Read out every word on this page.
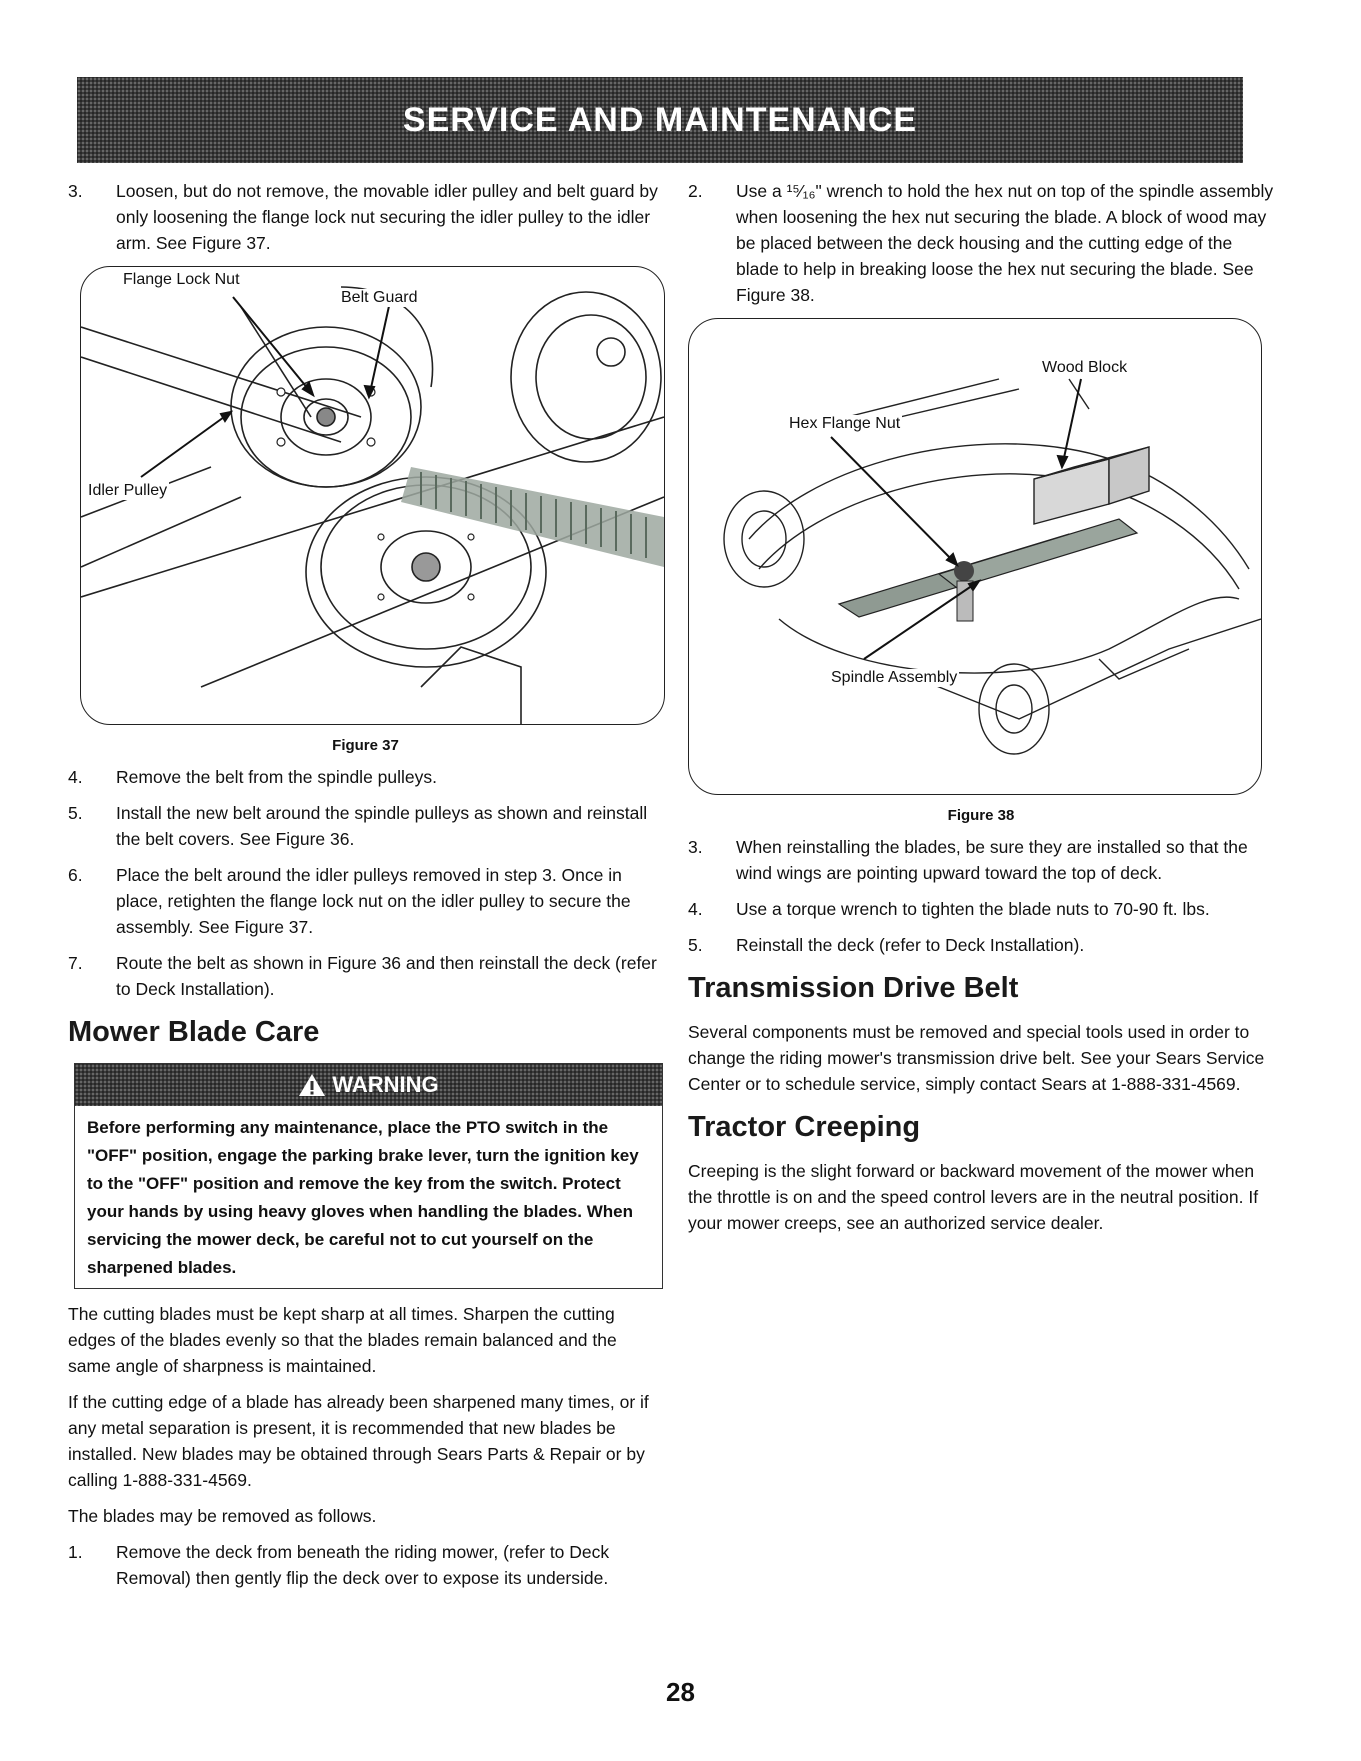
SERVICE AND MAINTENANCE
3.	Loosen, but do not remove, the movable idler pulley and belt guard by only loosening the flange lock nut securing the idler pulley to the idler arm. See Figure 37.
Flange Lock Nut
Belt Guard
Idler Pulley
Figure 37
4.	Remove the belt from the spindle pulleys.
5.	Install the new belt around the spindle pulleys as shown and reinstall the belt covers. See Figure 36.
6.	Place the belt around the idler pulleys removed in step 3. Once in place, retighten the flange lock nut on the idler pulley to secure the assembly. See Figure 37.
7.	Route the belt as shown in Figure 36 and then reinstall the deck (refer to Deck Installation).
Mower Blade Care
WARNING
Before performing any maintenance, place the PTO switch in the "OFF" position, engage the parking brake lever, turn the ignition key to the "OFF" position and remove the key from the switch. Protect your hands by using heavy gloves when handling the blades. When servicing the mower deck, be careful not to cut yourself on the sharpened blades.
The cutting blades must be kept sharp at all times. Sharpen the cutting edges of the blades evenly so that the blades remain balanced and the same angle of sharpness is maintained.
If the cutting edge of a blade has already been sharpened many times, or if any metal separation is present, it is recommended that new blades be installed. New blades may be obtained through Sears Parts & Repair or by calling 1-888-331-4569.
The blades may be removed as follows.
1.	Remove the deck from beneath the riding mower, (refer to Deck Removal) then gently flip the deck over to expose its underside.
2.	Use a ¹⁵⁄₁₆" wrench to hold the hex nut on top of the spindle assembly when loosening the hex nut securing the blade. A block of wood may be placed between the deck housing and the cutting edge of the blade to help in breaking loose the hex nut securing the blade. See Figure 38.
Wood Block
Hex Flange Nut
Spindle Assembly
Figure 38
3.	When reinstalling the blades, be sure they are installed so that the wind wings are pointing upward toward the top of deck.
4.	Use a torque wrench to tighten the blade nuts to 70-90 ft. lbs.
5.	Reinstall the deck (refer to Deck Installation).
Transmission Drive Belt
Several components must be removed and special tools used in order to change the riding mower's transmission drive belt. See your Sears Service Center or to schedule service, simply contact Sears at 1-888-331-4569.
Tractor Creeping
Creeping is the slight forward or backward movement of the mower when the throttle is on and the speed control levers are in the neutral position. If your mower creeps, see an authorized service dealer.
28
